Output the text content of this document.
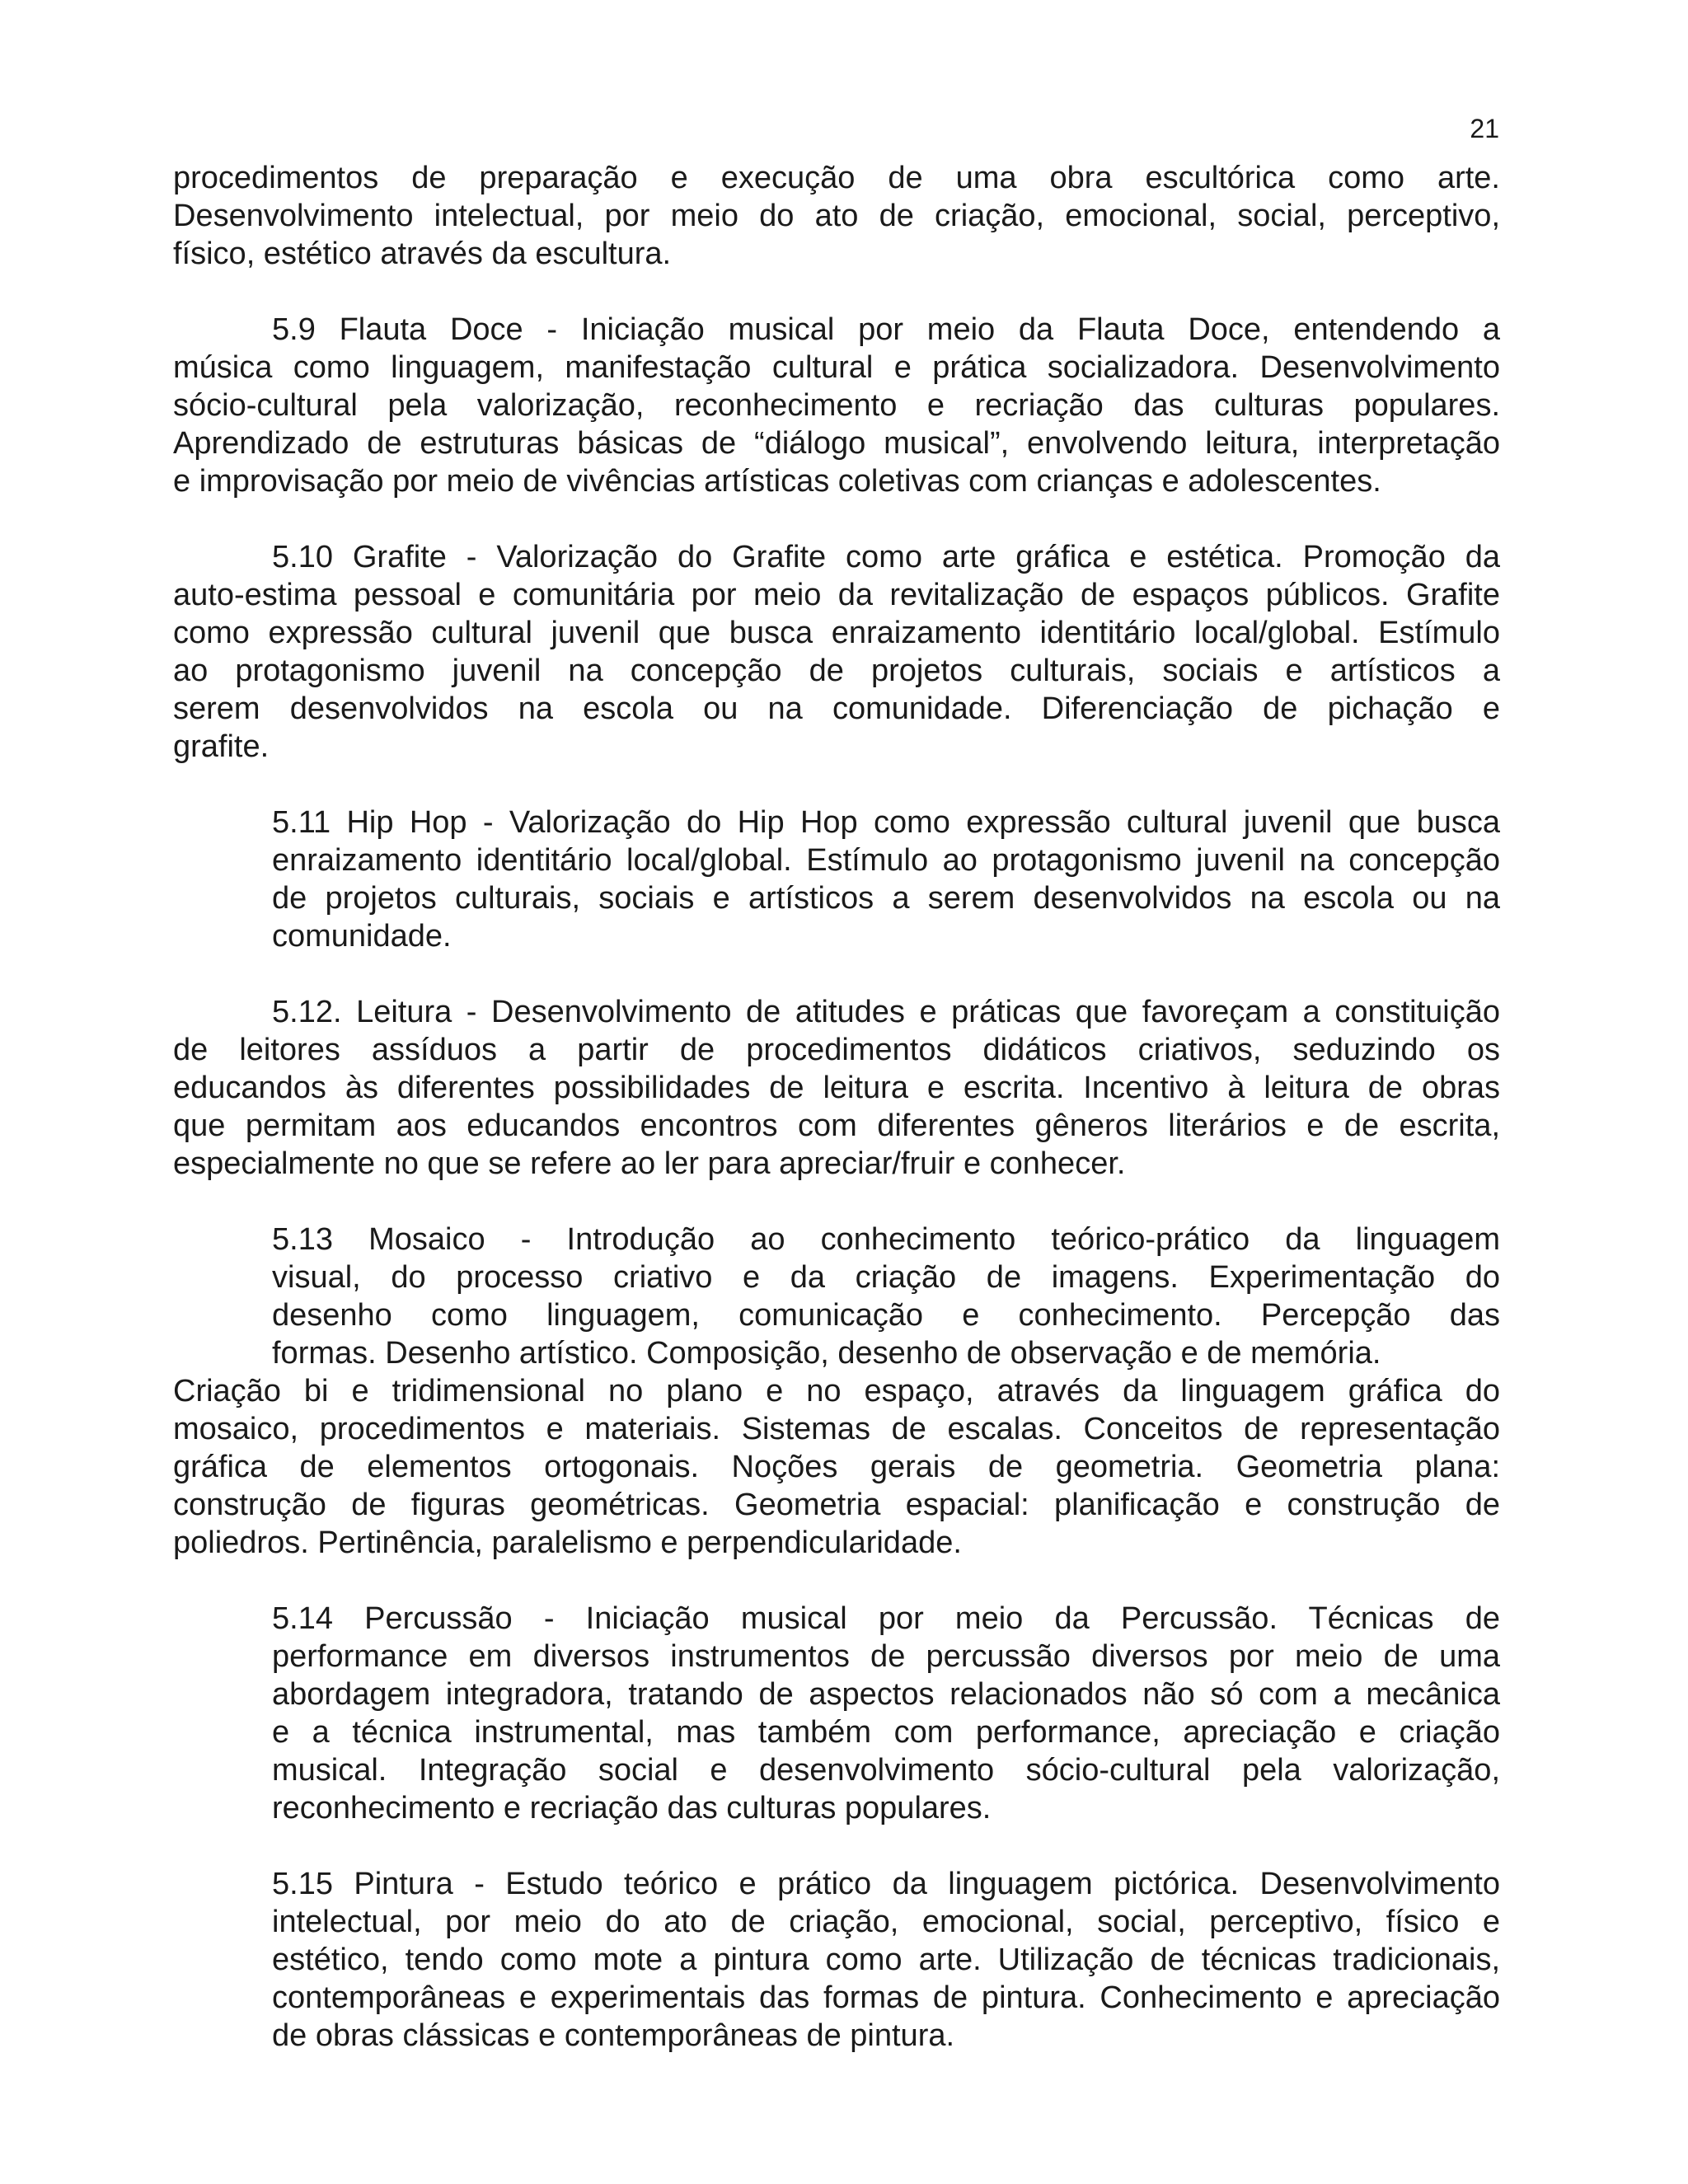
21
procedimentos de preparação e execução de uma obra escultórica como arte.
Desenvolvimento intelectual, por meio do ato de criação, emocional, social, perceptivo,
físico, estético através da escultura.
5.9 Flauta Doce - Iniciação musical por meio da Flauta Doce, entendendo a
música como linguagem, manifestação cultural e prática socializadora. Desenvolvimento
sócio-cultural pela valorização, reconhecimento e recriação das culturas populares.
Aprendizado de estruturas básicas de “diálogo musical”, envolvendo leitura, interpretação
e improvisação por meio de vivências artísticas coletivas com crianças e adolescentes.
5.10 Grafite - Valorização do Grafite como arte gráfica e estética. Promoção da
auto-estima pessoal e comunitária por meio da revitalização de espaços públicos. Grafite
como expressão cultural juvenil que busca enraizamento identitário local/global. Estímulo
ao protagonismo juvenil na concepção de projetos culturais, sociais e artísticos a
serem desenvolvidos na escola ou na comunidade. Diferenciação de pichação e
grafite.
5.11 Hip Hop - Valorização do Hip Hop como expressão cultural juvenil que busca
enraizamento identitário local/global. Estímulo ao protagonismo juvenil na concepção
de projetos culturais, sociais e artísticos a serem desenvolvidos na escola ou na
comunidade.
5.12. Leitura - Desenvolvimento de atitudes e práticas que favoreçam a constituição
de leitores assíduos a partir de procedimentos didáticos criativos, seduzindo os
educandos às diferentes possibilidades de leitura e escrita. Incentivo à leitura de obras
que permitam aos educandos encontros com diferentes gêneros literários e de escrita,
especialmente no que se refere ao ler para apreciar/fruir e conhecer.
5.13 Mosaico - Introdução ao conhecimento teórico-prático da linguagem
visual, do processo criativo e da criação de imagens. Experimentação do
desenho como linguagem, comunicação e conhecimento. Percepção das
formas. Desenho artístico. Composição, desenho de observação e de memória.
Criação bi e tridimensional no plano e no espaço, através da linguagem gráfica do
mosaico, procedimentos e materiais. Sistemas de escalas. Conceitos de representação
gráfica de elementos ortogonais. Noções gerais de geometria. Geometria plana:
construção de figuras geométricas. Geometria espacial: planificação e construção de
poliedros. Pertinência, paralelismo e perpendicularidade.
5.14 Percussão - Iniciação musical por meio da Percussão. Técnicas de
performance em diversos instrumentos de percussão diversos por meio de uma
abordagem integradora, tratando de aspectos relacionados não só com a mecânica
e a técnica instrumental, mas também com performance, apreciação e criação
musical. Integração social e desenvolvimento sócio-cultural pela valorização,
reconhecimento e recriação das culturas populares.
5.15 Pintura - Estudo teórico e prático da linguagem pictórica. Desenvolvimento
intelectual, por meio do ato de criação, emocional, social, perceptivo, físico e
estético, tendo como mote a pintura como arte. Utilização de técnicas tradicionais,
contemporâneas e experimentais das formas de pintura. Conhecimento e apreciação
de obras clássicas e contemporâneas de pintura.
